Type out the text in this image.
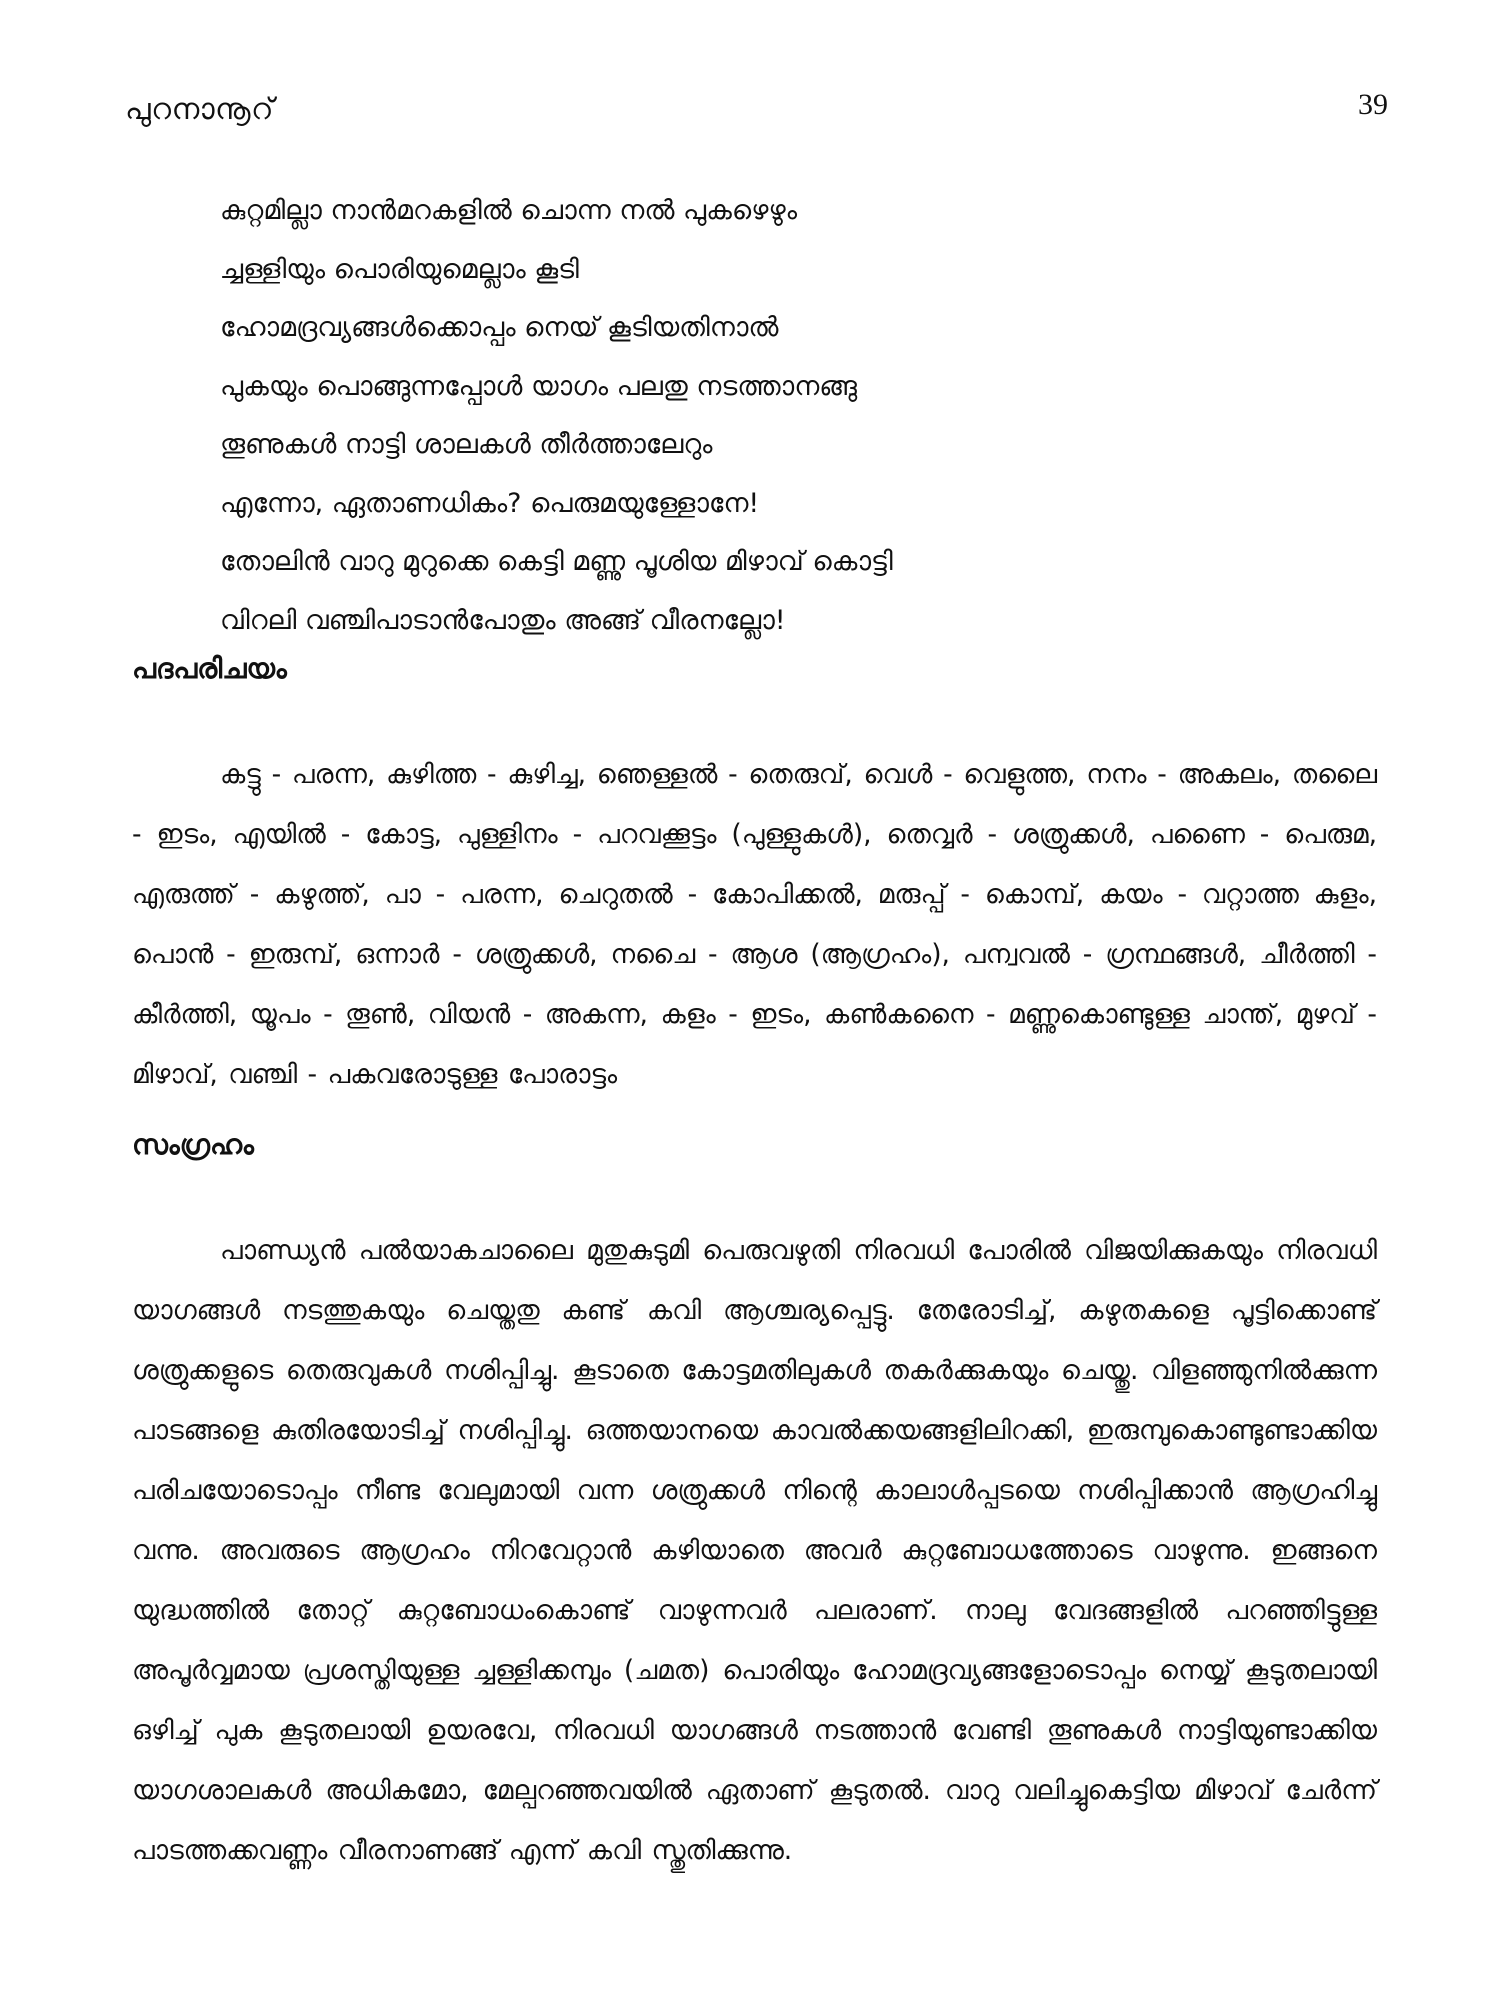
പുറനാനൂറ്	39
കുറ്റമില്ലാ നാൻമറകളിൽ ചൊന്ന നൽ പുകഴെഴും
ച്ചള്ളിയും പൊരിയുമെല്ലാം കൂടി
ഹോമദ്രവ്യങ്ങൾക്കൊപ്പം നെയ് കൂടിയതിനാൽ
പുകയും പൊങ്ങുന്നപ്പോൾ യാഗം പലതു നടത്താനങ്ങു
തൂണുകൾ നാട്ടി ശാലകൾ തീർത്താലേറും
എന്നോ, ഏതാണധികം? പെരുമയുള്ളോനേ!
തോലിൻ വാറു മുറുക്കെ കെട്ടി മണ്ണു പൂശിയ മിഴാവ് കൊട്ടി
വിറലി വഞ്ചിപാടാൻപോതും അങ്ങ് വീരനല്ലോ!
പദപരിചയം

കട്ടു - പരന്ന, കുഴിത്ത - കുഴിച്ച, ഞെള്ളൽ - തെരുവ്, വെൾ - വെളുത്ത, നനം - അകലം, തലൈ - ഇടം, എയിൽ - കോട്ട, പുള്ളിനം - പറവക്കൂട്ടം (പുള്ളുകൾ), തെവ്വർ - ശത്രുക്കൾ, പണൈ - പെരുമ, എരുത്ത് - കഴുത്ത്, പാ - പരന്ന, ചെറുതൽ - കോപിക്കൽ, മരുപ്പ് - കൊമ്പ്, കയം - വറ്റാത്ത കുളം, പൊൻ - ഇരുമ്പ്, ഒന്നാർ - ശത്രുക്കൾ, നചൈ - ആശ (ആഗ്രഹം), പന്വവൽ - ഗ്രന്ഥങ്ങൾ, ചീർത്തി - കീർത്തി, യൂപം - തൂൺ, വിയൻ - അകന്ന, കളം - ഇടം, കൺകനൈ - മണ്ണുകൊണ്ടുള്ള ചാന്ത്, മുഴവ് - മിഴാവ്, വഞ്ചി - പകവരോടുള്ള പോരാട്ടം

സംഗ്രഹം

പാണ്ഡ്യൻ പൽയാകചാലൈ മുതുകുടുമി പെരുവഴുതി നിരവധി പോരിൽ വിജയിക്കുകയും നിരവധി യാഗങ്ങൾ നടത്തുകയും ചെയ്തതു കണ്ട് കവി ആശ്ചര്യപ്പെട്ടു. തേരോടിച്ച്, കഴുതകളെ പൂട്ടിക്കൊണ്ട് ശത്രുക്കളുടെ തെരുവുകൾ നശിപ്പിച്ചു. കൂടാതെ കോട്ടമതിലുകൾ തകർക്കുകയും ചെയ്തു. വിളഞ്ഞുനിൽക്കുന്ന പാടങ്ങളെ കുതിരയോടിച്ച് നശിപ്പിച്ചു. ഒത്തയാനയെ കാവൽക്കയങ്ങളിലിറക്കി, ഇരുമ്പുകൊണ്ടുണ്ടാക്കിയ പരിചയോടൊപ്പം നീണ്ട വേലുമായി വന്ന ശത്രുക്കൾ നിന്റെ കാലാൾപ്പടയെ നശിപ്പിക്കാൻ ആഗ്രഹിച്ചു വന്നു. അവരുടെ ആഗ്രഹം നിറവേറ്റാൻ കഴിയാതെ അവർ കുറ്റബോധത്തോടെ വാഴുന്നു. ഇങ്ങനെ യുദ്ധത്തിൽ തോറ്റ് കുറ്റബോധംകൊണ്ട് വാഴുന്നവർ പലരാണ്. നാലു വേദങ്ങളിൽ പറഞ്ഞിട്ടുള്ള അപൂർവ്വമായ പ്രശസ്തിയുള്ള ച്ചള്ളിക്കമ്പും (ചമത) പൊരിയും ഹോമദ്രവ്യങ്ങളോടൊപ്പം നെയ്യ് കൂടുതലായി ഒഴിച്ച് പുക കൂടുതലായി ഉയരവേ, നിരവധി യാഗങ്ങൾ നടത്താൻ വേണ്ടി തൂണുകൾ നാട്ടിയുണ്ടാക്കിയ യാഗശാലകൾ അധികമോ, മേല്പറഞ്ഞവയിൽ ഏതാണ് കൂടുതൽ. വാറു വലിച്ചുകെട്ടിയ മിഴാവ് ചേർന്ന് പാടത്തക്കവണ്ണം വീരനാണങ്ങ് എന്ന് കവി സ്തുതിക്കുന്നു.
